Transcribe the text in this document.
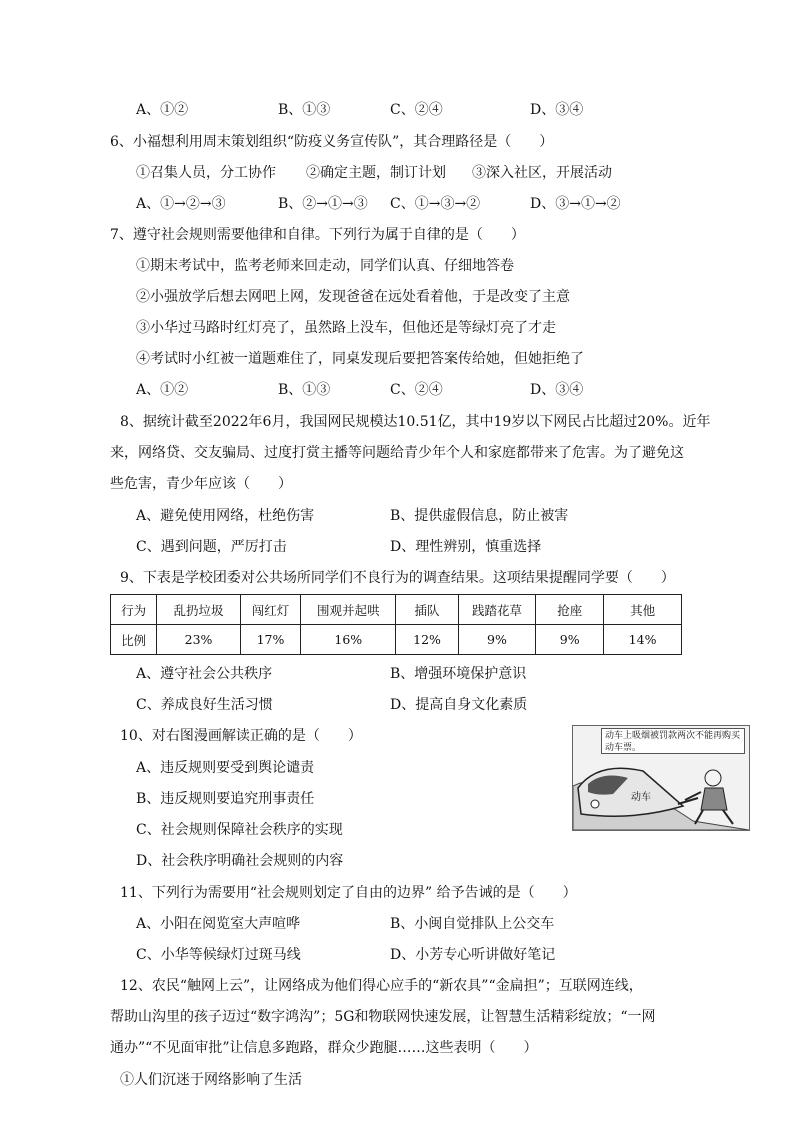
A、①②	B、①③	C、②④	D、③④
6、小福想利用周末策划组织“防疫义务宣传队”，其合理路径是（　　）
①召集人员，分工协作 ②确定主题，制订计划 ③深入社区，开展活动
A、①→②→③	B、②→①→③ C、①→③→②	D、③→①→②
7、遵守社会规则需要他律和自律。下列行为属于自律的是（　　）
①期末考试中，监考老师来回走动，同学们认真、仔细地答卷
②小强放学后想去网吧上网，发现爸爸在远处看着他，于是改变了主意
③小华过马路时红灯亮了，虽然路上没车，但他还是等绿灯亮了才走
④考试时小红被一道题难住了，同桌发现后要把答案传给她，但她拒绝了
A、①②	B、①③	C、②④	D、③④
8、据统计截至2022年6月，我国网民规模达10.51亿，其中19岁以下网民占比超过20%。近年
来，网络贷、交友骗局、过度打赏主播等问题给青少年个人和家庭都带来了危害。为了避免这
些危害，青少年应该（　　）
A、避免使用网络，杜绝伤害	B、提供虚假信息，防止被害
C、遇到问题，严厉打击	D、理性辨别，慎重选择
9、下表是学校团委对公共场所同学们不良行为的调查结果。这项结果提醒同学要（　　）
行为	乱扔垃圾	闯红灯	围观并起哄	插队	践踏花草	抢座	其他
比例	23%	17%	16%	12%	9%	9%	14%
A、遵守社会公共秩序	B、增强环境保护意识
C、养成良好生活习惯	D、提高自身文化素质
10、对右图漫画解读正确的是（　　）
A、违反规则要受到舆论谴责
B、违反规则要追究刑事责任
C、社会规则保障社会秩序的实现
D、社会秩序明确社会规则的内容
动车上吸烟被罚款两次不能再购买动车票。
动车
11、下列行为需要用“社会规则划定了自由的边界” 给予告诫的是（　　）
A、小阳在阅览室大声喧哗	B、小闽自觉排队上公交车
C、小华等候绿灯过斑马线	D、小芳专心听讲做好笔记
12、农民“触网上云”，让网络成为他们得心应手的“新农具”“金扁担”；互联网连线，
帮助山沟里的孩子迈过“数字鸿沟”；5G和物联网快速发展，让智慧生活精彩绽放；“一网
通办”“不见面审批”让信息多跑路，群众少跑腿……这些表明（　　）
①人们沉迷于网络影响了生活
